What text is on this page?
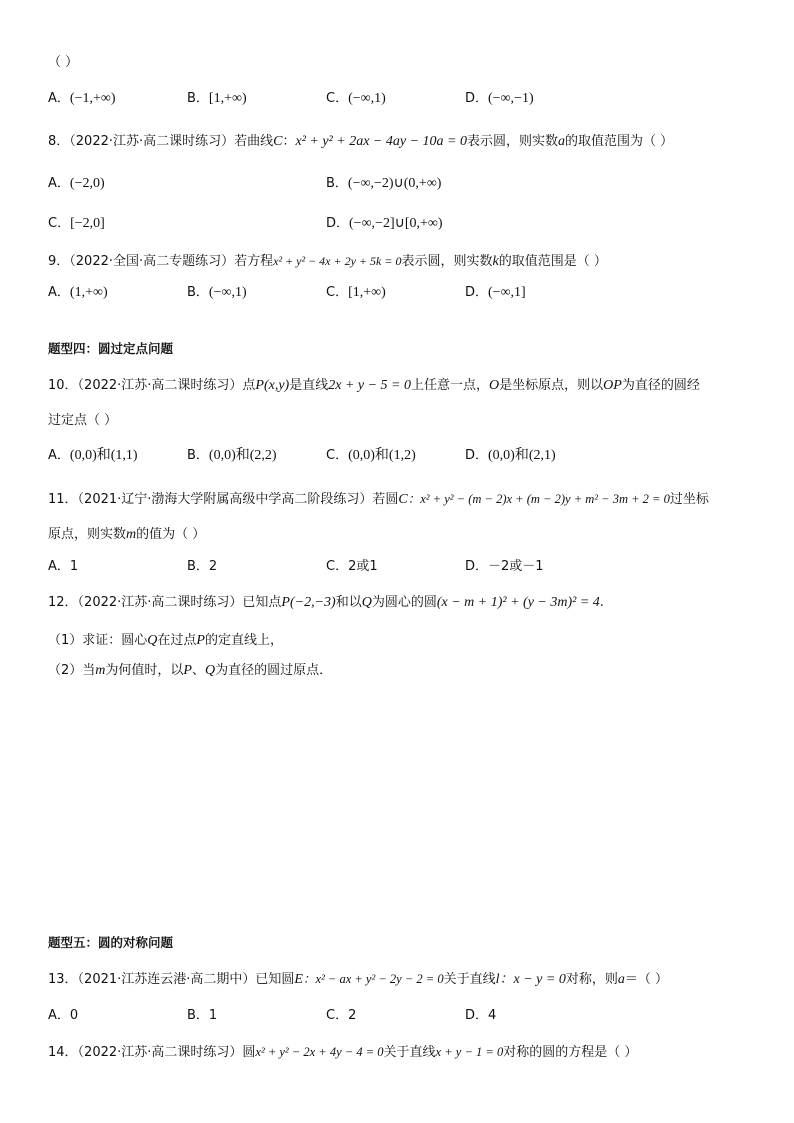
（ ）
A．(−1,+∞)	B．[1,+∞)	C．(−∞,1)	D．(−∞,−1)
8．（2022·江苏·高二课时练习）若曲线C：x² + y² + 2ax − 4ay − 10a = 0表示圆，则实数a的取值范围为（ ）
A．(−2,0)	B．(−∞,−2)∪(0,+∞)
C．[−2,0]	D．(−∞,−2]∪[0,+∞)
9．（2022·全国·高二专题练习）若方程x² + y² − 4x + 2y + 5k = 0表示圆，则实数k的取值范围是（ ）
A．(1,+∞)	B．(−∞,1)	C．[1,+∞)	D．(−∞,1]
题型四：圆过定点问题
10．（2022·江苏·高二课时练习）点P(x,y)是直线2x + y − 5 = 0上任意一点，O是坐标原点，则以OP为直径的圆经
过定点（ ）
A．(0,0)和(1,1)	B．(0,0)和(2,2)	C．(0,0)和(1,2)	D．(0,0)和(2,1)
11．（2021·辽宁·渤海大学附属高级中学高二阶段练习）若圆C：x² + y² − (m − 2)x + (m − 2)y + m² − 3m + 2 = 0过坐标
原点，则实数m的值为（ ）
A．1	B．2	C．2或1	D．－2或－1
12．（2022·江苏·高二课时练习）已知点P(−2,−3)和以Q为圆心的圆(x − m + 1)² + (y − 3m)² = 4.
（1）求证：圆心Q在过点P的定直线上，
（2）当m为何值时，以P、Q为直径的圆过原点．
题型五：圆的对称问题
13．（2021·江苏连云港·高二期中）已知圆E：x² − ax + y² − 2y − 2 = 0关于直线l：x − y = 0对称，则a＝（ ）
A．0	B．1	C．2	D．4
14．（2022·江苏·高二课时练习）圆x² + y² − 2x + 4y − 4 = 0关于直线x + y − 1 = 0对称的圆的方程是（ ）
